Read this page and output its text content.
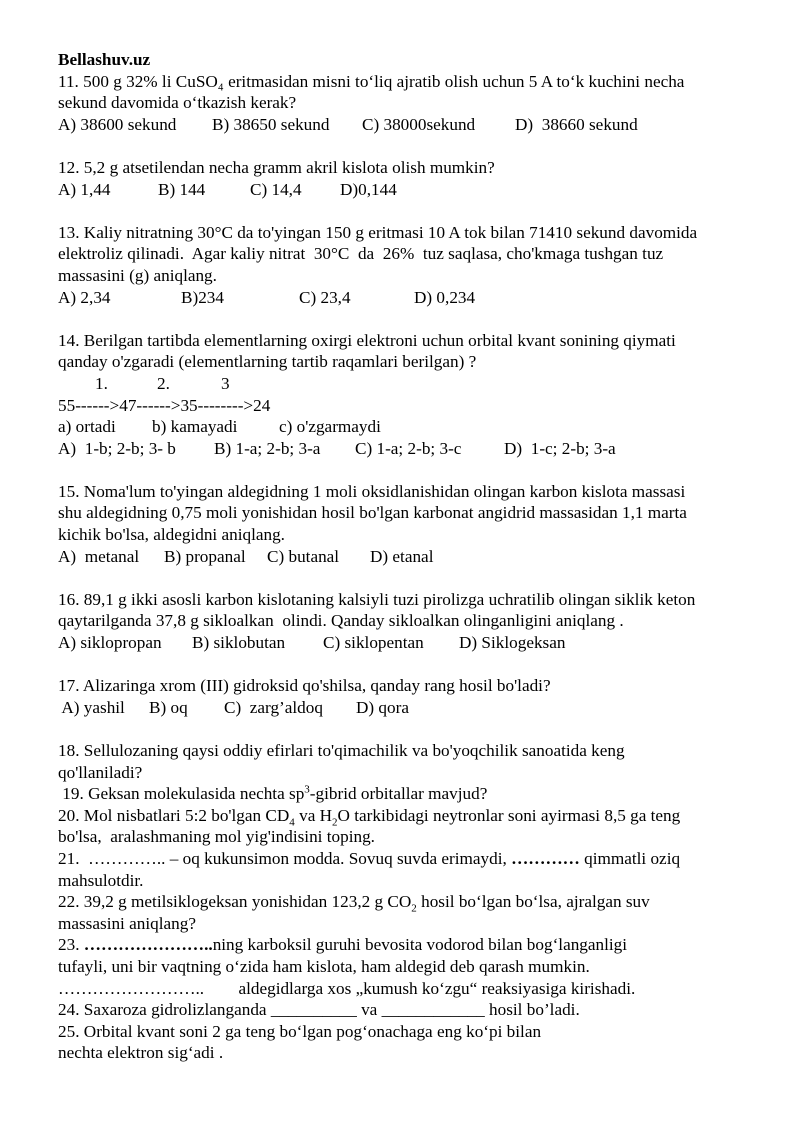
Bellashuv.uz
11. 500 g 32% li CuSO₄ eritmasidan misni to‘liq ajratib olish uchun 5 A to‘k kuchini necha
sekund davomida o‘tkazish kerak?
A) 38600 sekund B) 38650 sekund C) 38000sekund D)  38660 sekund
12. 5,2 g atsetilendan necha gramm akril kislota olish mumkin?
A) 1,44	B) 144	C) 14,4 D)0,144
13. Kaliy nitratning 30°C da to'yingan 150 g eritmasi 10 A tok bilan 71410 sekund davomida
elektroliz qilinadi.  Agar kaliy nitrat  30°C  da  26%  tuz saqlasa, cho'kmaga tushgan tuz
massasini (g) aniqlang.
A) 2,34	B)234	C) 23,4	D) 0,234
14. Berilgan tartibda elementlarning oxirgi elektroni uchun orbital kvant sonining qiymati
qanday o'zgaradi (elementlarning tartib raqamlari berilgan) ?
1.	2.	3
55------>47------>35-------->24
a) ortadi b) kamayadi c) o'zgarmaydi
A)  1-b; 2-b; 3- b B) 1-a; 2-b; 3-a C) 1-a; 2-b; 3-c D)  1-c; 2-b; 3-a
15. Noma'lum to'yingan aldegidning 1 moli oksidlanishidan olingan karbon kislota massasi
shu aldegidning 0,75 moli yonishidan hosil bo'lgan karbonat angidrid massasidan 1,1 marta
kichik bo'lsa, aldegidni aniqlang.
A)  metanal B) propanal C) butanal D) etanal
16. 89,1 g ikki asosli karbon kislotaning kalsiyli tuzi pirolizga uchratilib olingan siklik keton
qaytarilganda 37,8 g sikloalkan  olindi. Qanday sikloalkan olinganligini aniqlang .
A) siklopropan B) siklobutan C) siklopentan D) Siklogeksan
17. Alizaringa xrom (III) gidroksid qo'shilsa, qanday rang hosil bo'ladi?
A) yashil B) oq C)  zarg’aldoq D) qora
18. Sellulozaning qaysi oddiy efirlari to'qimachilik va bo'yoqchilik sanoatida keng
qo'llaniladi?
19. Geksan molekulasida nechta $sp^3$-gibrid orbitallar mavjud?
20. Mol nisbatlari 5:2 bo'lgan $CD_4$ va $H_2O$ tarkibidagi neytronlar soni ayirmasi 8,5 ga teng
bo'lsa,  aralashmaning mol yig'indisini toping.
21.  ………….. – oq kukunsimon modda. Sovuq suvda erimaydi, ………… qimmatli oziq
mahsulotdir.
22. 39,2 g metilsiklogeksan yonishidan 123,2 g $CO_2$ hosil bo‘lgan bo‘lsa, ajralgan suv
massasini aniqlang?
23. …………………..ning karboksil guruhi bevosita vodorod bilan bog‘langanligi
tufayli, uni bir vaqtning o‘zida ham kislota, ham aldegid deb qarash mumkin.
……………………..        aldegidlarga xos „kumush ko‘zgu“ reaksiyasiga kirishadi.
24. Saxaroza gidrolizlanganda __________ va ____________ hosil bo’ladi.
25. Orbital kvant soni 2 ga teng bo‘lgan pog‘onachaga eng ko‘pi bilan
nechta elektron sig‘adi .
